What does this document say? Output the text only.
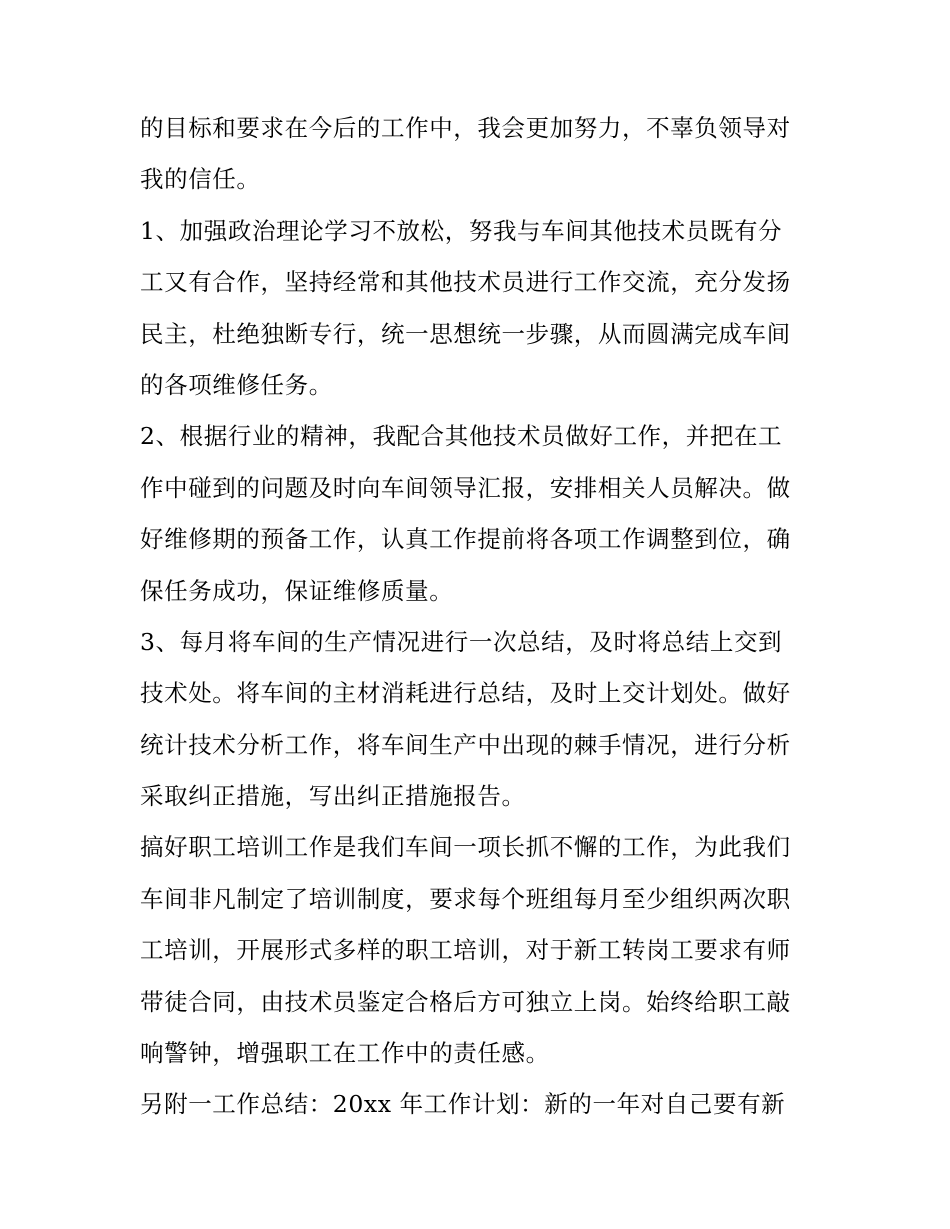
的目标和要求在今后的工作中，我会更加努力，不辜负领导对
我的信任。
1、加强政治理论学习不放松，努我与车间其他技术员既有分
工又有合作，坚持经常和其他技术员进行工作交流，充分发扬
民主，杜绝独断专行，统一思想统一步骤，从而圆满完成车间
的各项维修任务。
2、根据行业的精神，我配合其他技术员做好工作，并把在工
作中碰到的问题及时向车间领导汇报，安排相关人员解决。做
好维修期的预备工作，认真工作提前将各项工作调整到位，确
保任务成功，保证维修质量。
3、每月将车间的生产情况进行一次总结，及时将总结上交到
技术处。将车间的主材消耗进行总结，及时上交计划处。做好
统计技术分析工作，将车间生产中出现的棘手情况，进行分析
采取纠正措施，写出纠正措施报告。
搞好职工培训工作是我们车间一项长抓不懈的工作，为此我们
车间非凡制定了培训制度，要求每个班组每月至少组织两次职
工培训，开展形式多样的职工培训，对于新工转岗工要求有师
带徒合同，由技术员鉴定合格后方可独立上岗。始终给职工敲
响警钟，增强职工在工作中的责任感。
另附一工作总结：20xx 年工作计划：新的一年对自己要有新
